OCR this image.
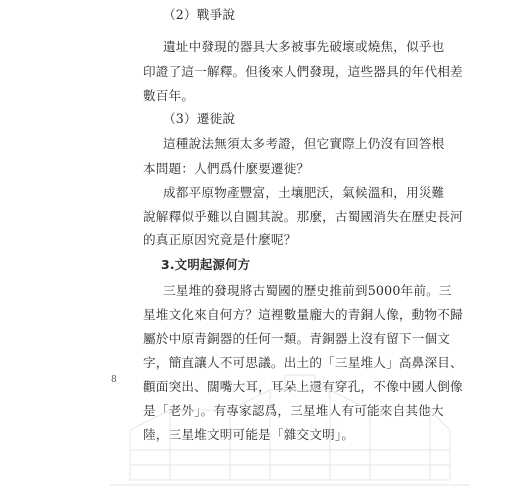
（2）戰爭說
遺址中發現的器具大多被事先破壞或燒焦，似乎也
印證了這一解釋。但後來人們發現，這些器具的年代相差
數百年。
（3）遷徙說
這種說法無須太多考證，但它實際上仍沒有回答根
本問題：人們爲什麼要遷徙？
成都平原物產豐富，土壤肥沃，氣候溫和，用災難
說解釋似乎難以自圓其說。那麼，古蜀國消失在歷史長河
的真正原因究竟是什麼呢？
3.文明起源何方
三星堆的發現將古蜀國的歷史推前到5000年前。三
星堆文化來自何方？這裡數量龐大的青銅人像，動物不歸
屬於中原青銅器的任何一類。青銅器上沒有留下一個文
字，簡直讓人不可思議。出土的「三星堆人」高鼻深目、
顴面突出、闊嘴大耳，耳朵上還有穿孔，不像中國人倒像
是「老外」。有專家認爲，三星堆人有可能來自其他大
陸，三星堆文明可能是「雜交文明」。
8
